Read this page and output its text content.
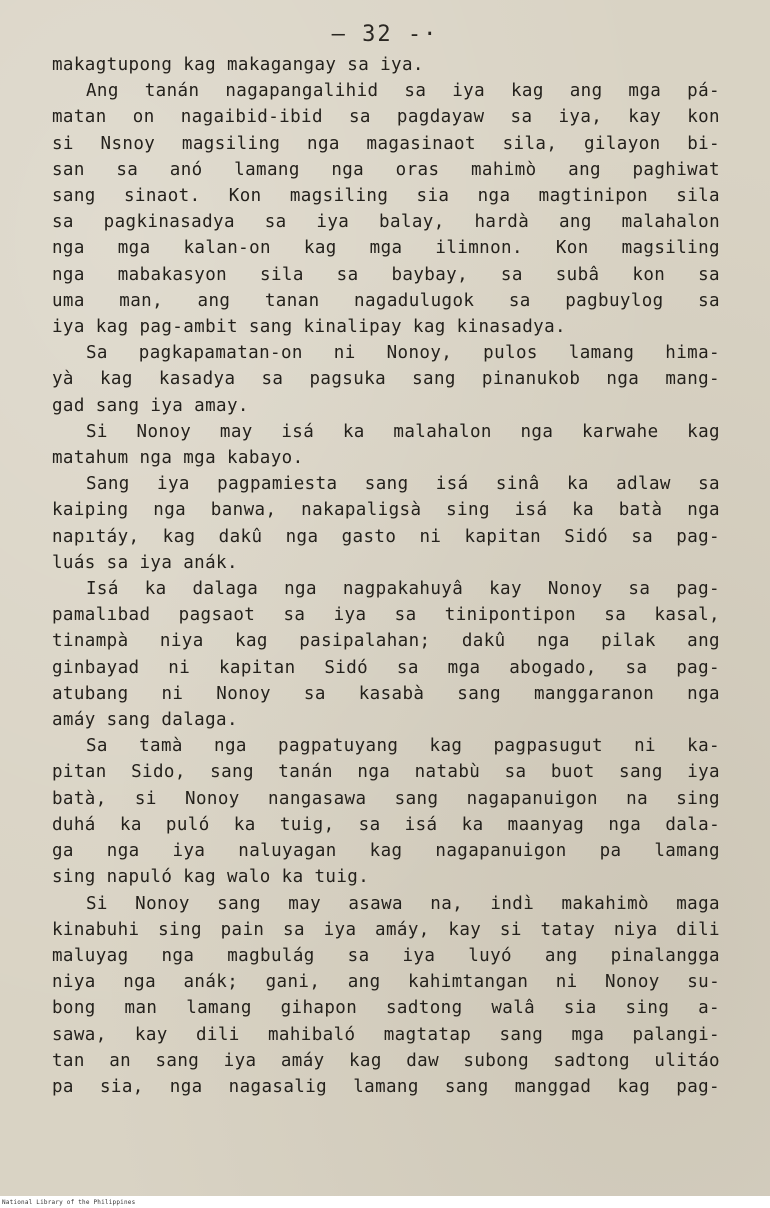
– 32 -·
makagtupong kag makagangay sa iya.
Ang tanán nagapangalihid sa iya kag ang mga pá-
matan on nagaibid-ibid sa pagdayaw sa iya, kay kon
si Nsnoy magsiling nga magasinaot sila, gilayon bi-
san sa anó lamang nga oras mahimò ang paghiwat
sang sinaot. Kon magsiling sia nga magtinipon sila
sa pagkinasadya sa iya balay, hardà ang malahalon
nga mga kalan-on kag mga ilimnon. Kon magsiling
nga mabakasyon sila sa baybay, sa subâ kon sa
uma man, ang tanan nagadulugok sa pagbuylog sa
iya kag pag-ambit sang kinalipay kag kinasadya.
Sa pagkapamatan-on ni Nonoy, pulos lamang hima-
yà kag kasadya sa pagsuka sang pinanukob nga mang-
gad sang iya amay.
Si Nonoy may isá ka malahalon nga karwahe kag
matahum nga mga kabayo.
Sang iya pagpamiesta sang isá sinâ ka adlaw sa
kaiping nga banwa, nakapaligsà sing isá ka batà nga
napıtáy, kag dakû nga gasto ni kapitan Sidó sa pag-
luás sa iya anák.
Isá ka dalaga nga nagpakahuyâ kay Nonoy sa pag-
pamalıbad pagsaot sa iya sa tinipontipon sa kasal,
tinampà niya kag pasipalahan; dakû nga pilak ang
ginbayad ni kapitan Sidó sa mga abogado, sa pag-
atubang ni Nonoy sa kasabà sang manggaranon nga
amáy sang dalaga.
Sa tamà nga pagpatuyang kag pagpasugut ni ka-
pitan Sido, sang tanán nga natabù sa buot sang iya
batà, si Nonoy nangasawa sang nagapanuigon na sing
duhá ka puló ka tuig, sa isá ka maanyag nga dala-
ga nga iya naluyagan kag nagapanuigon pa lamang
sing napuló kag walo ka tuig.
Si Nonoy sang may asawa na, indì makahimò maga
kinabuhi sing pain sa iya amáy, kay si tatay niya dili
maluyag nga magbulág sa iya luyó ang pinalangga
niya nga anák; gani, ang kahimtangan ni Nonoy su-
bong man lamang gihapon sadtong walâ sia sing a-
sawa, kay dili mahibaló magtatap sang mga palangi-
tan an sang iya amáy kag daw subong sadtong ulitáo
pa sia, nga nagasalig lamang sang manggad kag pag-
National Library of the Philippines
